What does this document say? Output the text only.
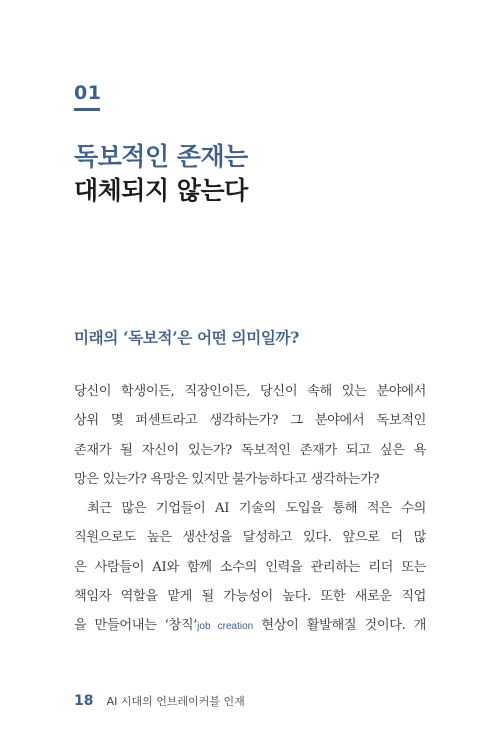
01
독보적인 존재는
대체되지 않는다
미래의 ‘독보적’은 어떤 의미일까?
당신이 학생이든, 직장인이든, 당신이 속해 있는 분야에서
상위 몇 퍼센트라고 생각하는가? 그 분야에서 독보적인
존재가 될 자신이 있는가? 독보적인 존재가 되고 싶은 욕
망은 있는가? 욕망은 있지만 불가능하다고 생각하는가?
최근 많은 기업들이 AI 기술의 도입을 통해 적은 수의
직원으로도 높은 생산성을 달성하고 있다. 앞으로 더 많
은 사람들이 AI와 함께 소수의 인력을 관리하는 리더 또는
책임자 역할을 맡게 될 가능성이 높다. 또한 새로운 직업
을 만들어내는 ‘창직’job creation 현상이 활발해질 것이다. 개
18 AI 시대의 언브레이커블 인재
